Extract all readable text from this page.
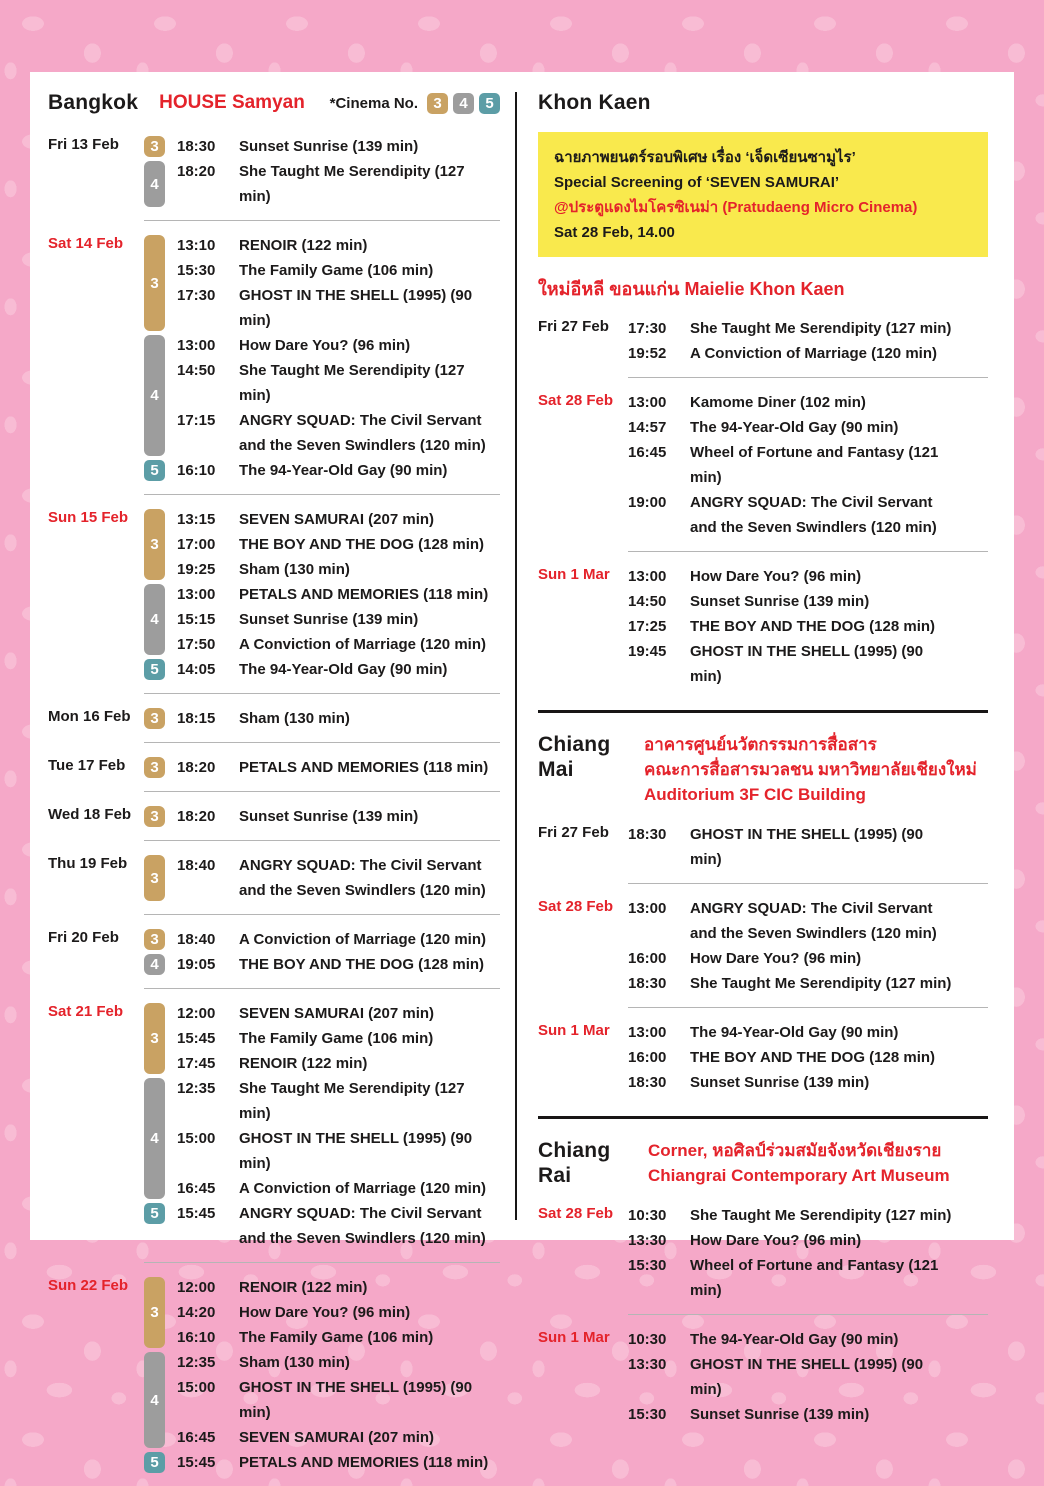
Bangkok HOUSE Samyan *Cinema No.	3	4	5
Fri 13 Feb	3	18:30	Sunset Sunrise (139 min)
4
18:20	She Taught Me Serendipity (127 min)
Sat 14 Feb
3
13:10	RENOIR (122 min)
15:30	The Family Game (106 min)
17:30	GHOST IN THE SHELL (1995) (90 min)
4
13:00	How Dare You? (96 min)
14:50	She Taught Me Serendipity (127 min)
17:15	ANGRY SQUAD: The Civil Servant and the Seven Swindlers (120 min)
5	16:10	The 94-Year-Old Gay (90 min)
Sun 15 Feb
3
13:15	SEVEN SAMURAI (207 min)
17:00	THE BOY AND THE DOG (128 min)
19:25	Sham (130 min)
4
13:00	PETALS AND MEMORIES (118 min)
15:15	Sunset Sunrise (139 min)
17:50	A Conviction of Marriage (120 min)
5	14:05	The 94-Year-Old Gay (90 min)
Mon 16 Feb	3	18:15	Sham (130 min)
Tue 17 Feb	3	18:20	PETALS AND MEMORIES (118 min)
Wed 18 Feb	3	18:20	Sunset Sunrise (139 min)
Thu 19 Feb
3
18:40	ANGRY SQUAD: The Civil Servant and the Seven Swindlers (120 min)
Fri 20 Feb	3	18:40	A Conviction of Marriage (120 min)
4	19:05	THE BOY AND THE DOG (128 min)
Sat 21 Feb
3
12:00	SEVEN SAMURAI (207 min)
15:45	The Family Game (106 min)
17:45	RENOIR (122 min)
4
12:35	She Taught Me Serendipity (127 min)
15:00	GHOST IN THE SHELL (1995) (90 min)
16:45	A Conviction of Marriage (120 min)
5	15:45	ANGRY SQUAD: The Civil Servant and the Seven Swindlers (120 min)
Sun 22 Feb
3
12:00	RENOIR (122 min)
14:20	How Dare You? (96 min)
16:10	The Family Game (106 min)
4
12:35	Sham (130 min)
15:00	GHOST IN THE SHELL (1995) (90 min)
16:45	SEVEN SAMURAI (207 min)
5	15:45	PETALS AND MEMORIES (118 min)
Khon Kaen
ฉายภาพยนตร์รอบพิเศษ เรื่อง ‘เจ็ดเซียนซามูไร’
Special Screening of ‘SEVEN SAMURAI’
@ประตูแดงไมโครซิเนม่า (Pratudaeng Micro Cinema)
Sat 28 Feb, 14.00
ใหม่อีหลี ขอนแก่น Maielie Khon Kaen
Fri 27 Feb	17:30	She Taught Me Serendipity (127 min)
19:52	A Conviction of Marriage (120 min)
Sat 28 Feb 13:00	Kamome Diner (102 min)
14:57	The 94-Year-Old Gay (90 min)
16:45	Wheel of Fortune and Fantasy (121 min)
19:00	ANGRY SQUAD: The Civil Servant and the Seven Swindlers (120 min)
Sun 1 Mar	13:00	How Dare You? (96 min)
14:50	Sunset Sunrise (139 min)
17:25	THE BOY AND THE DOG (128 min)
19:45	GHOST IN THE SHELL (1995) (90 min)
Chiang Mai
อาคารศูนย์นวัตกรรมการสื่อสาร
คณะการสื่อสารมวลชน มหาวิทยาลัยเชียงใหม่
Auditorium 3F CIC Building
Fri 27 Feb	18:30	GHOST IN THE SHELL (1995) (90 min)
Sat 28 Feb 13:00	ANGRY SQUAD: The Civil Servant and the Seven Swindlers (120 min)
16:00	How Dare You? (96 min)
18:30	She Taught Me Serendipity (127 min)
Sun 1 Mar	13:00	The 94-Year-Old Gay (90 min)
16:00	THE BOY AND THE DOG (128 min)
18:30	Sunset Sunrise (139 min)
Chiang Rai
Corner, หอศิลป์ร่วมสมัยจังหวัดเชียงราย
Chiangrai Contemporary Art Museum
Sat 28 Feb 10:30	She Taught Me Serendipity (127 min)
13:30	How Dare You? (96 min)
15:30	Wheel of Fortune and Fantasy (121 min)
Sun 1 Mar	10:30	The 94-Year-Old Gay (90 min)
13:30	GHOST IN THE SHELL (1995) (90 min)
15:30	Sunset Sunrise (139 min)
